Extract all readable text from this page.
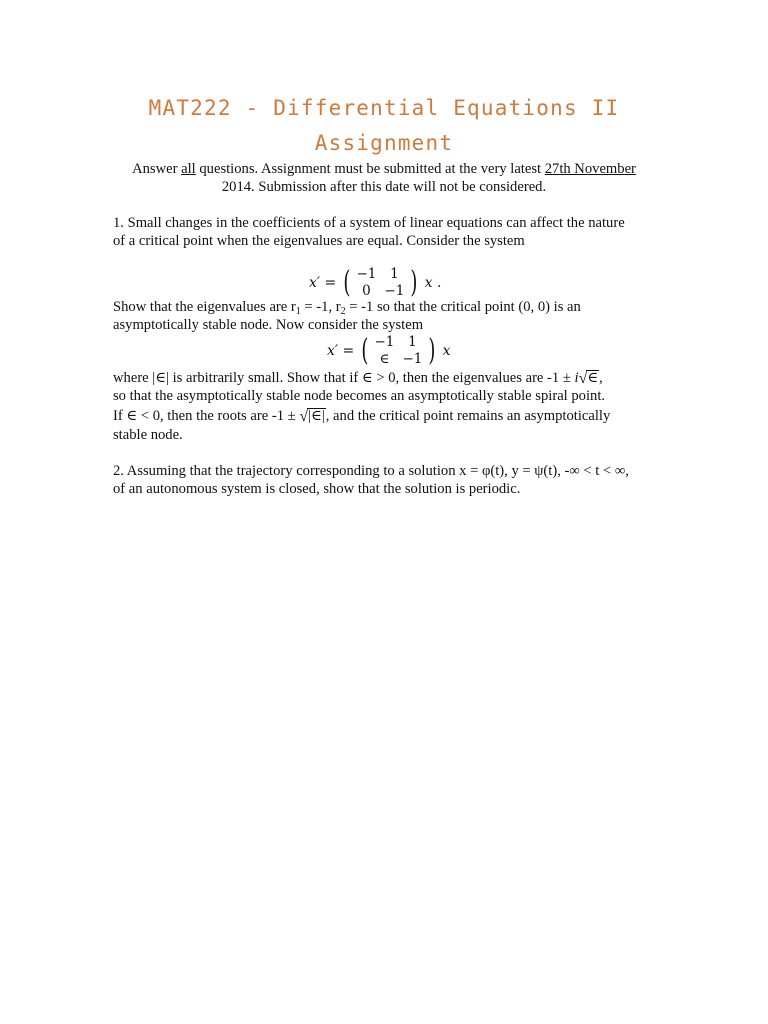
MAT222 - Differential Equations II
Assignment
Answer all questions. Assignment must be submitted at the very latest 27th November
2014. Submission after this date will not be considered.
1. Small changes in the coefficients of a system of linear equations can affect the nature
of a critical point when the eigenvalues are equal. Consider the system
x′ = ( −1	1
0	−1 ) x .
Show that the eigenvalues are $r_1 = -1$, $r_2 = -1$ so that the critical point (0, 0) is an
asymptotically stable node. Now consider the system
x′ = ( −1	1
∈ −1 ) x
where |∈| is arbitrarily small. Show that if ∈ > 0, then the eigenvalues are -1 ± i√∈,
so that the asymptotically stable node becomes an asymptotically stable spiral point.
If ∈ < 0, then the roots are -1 ± √|∈|, and the critical point remains an asymptotically
stable node.
2. Assuming that the trajectory corresponding to a solution x = φ(t), y = ψ(t), -∞ < t < ∞,
of an autonomous system is closed, show that the solution is periodic.
